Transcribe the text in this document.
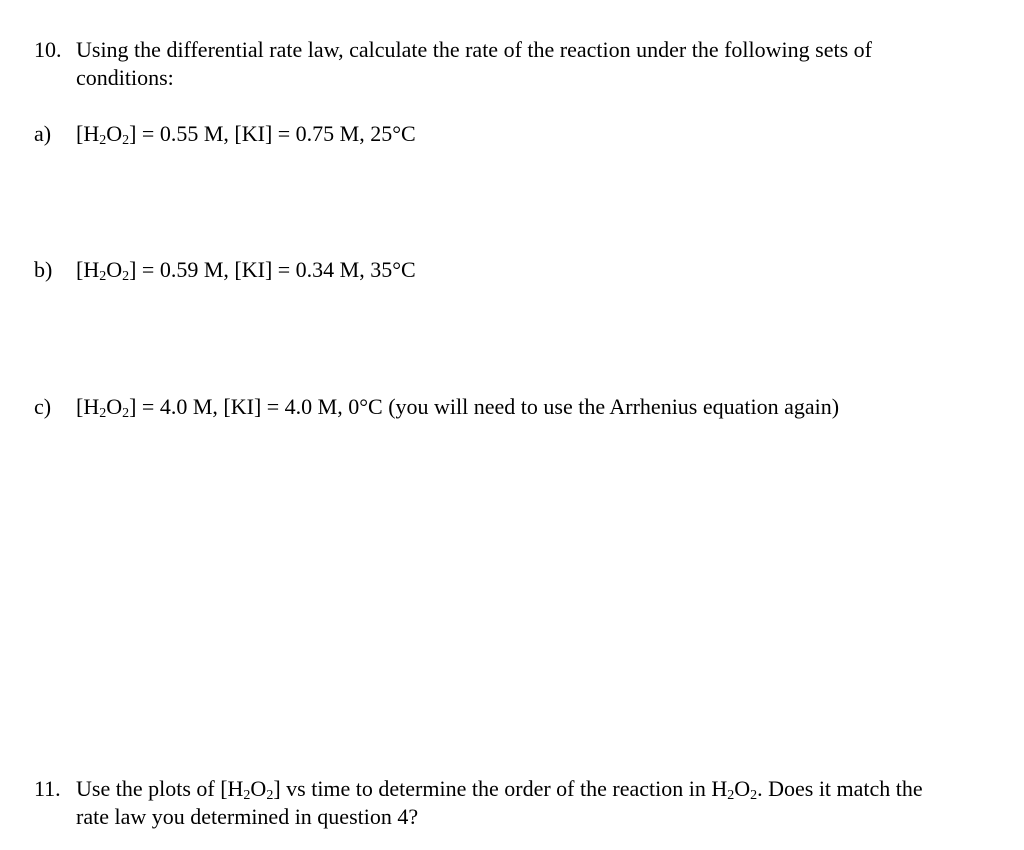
10. Using the differential rate law, calculate the rate of the reaction under the following sets of
conditions:
a) $[H_2O_2] = 0.55$ M, [KI] = 0.75 M, 25°C
b) $[H_2O_2] = 0.59$ M, [KI] = 0.34 M, 35°C
c) $[H_2O_2] = 4.0$ M, [KI] = 4.0 M, 0°C (you will need to use the Arrhenius equation again)
11. Use the plots of $[H_2O_2]$ vs time to determine the order of the reaction in $H_2O_2$. Does it match the
rate law you determined in question 4?
